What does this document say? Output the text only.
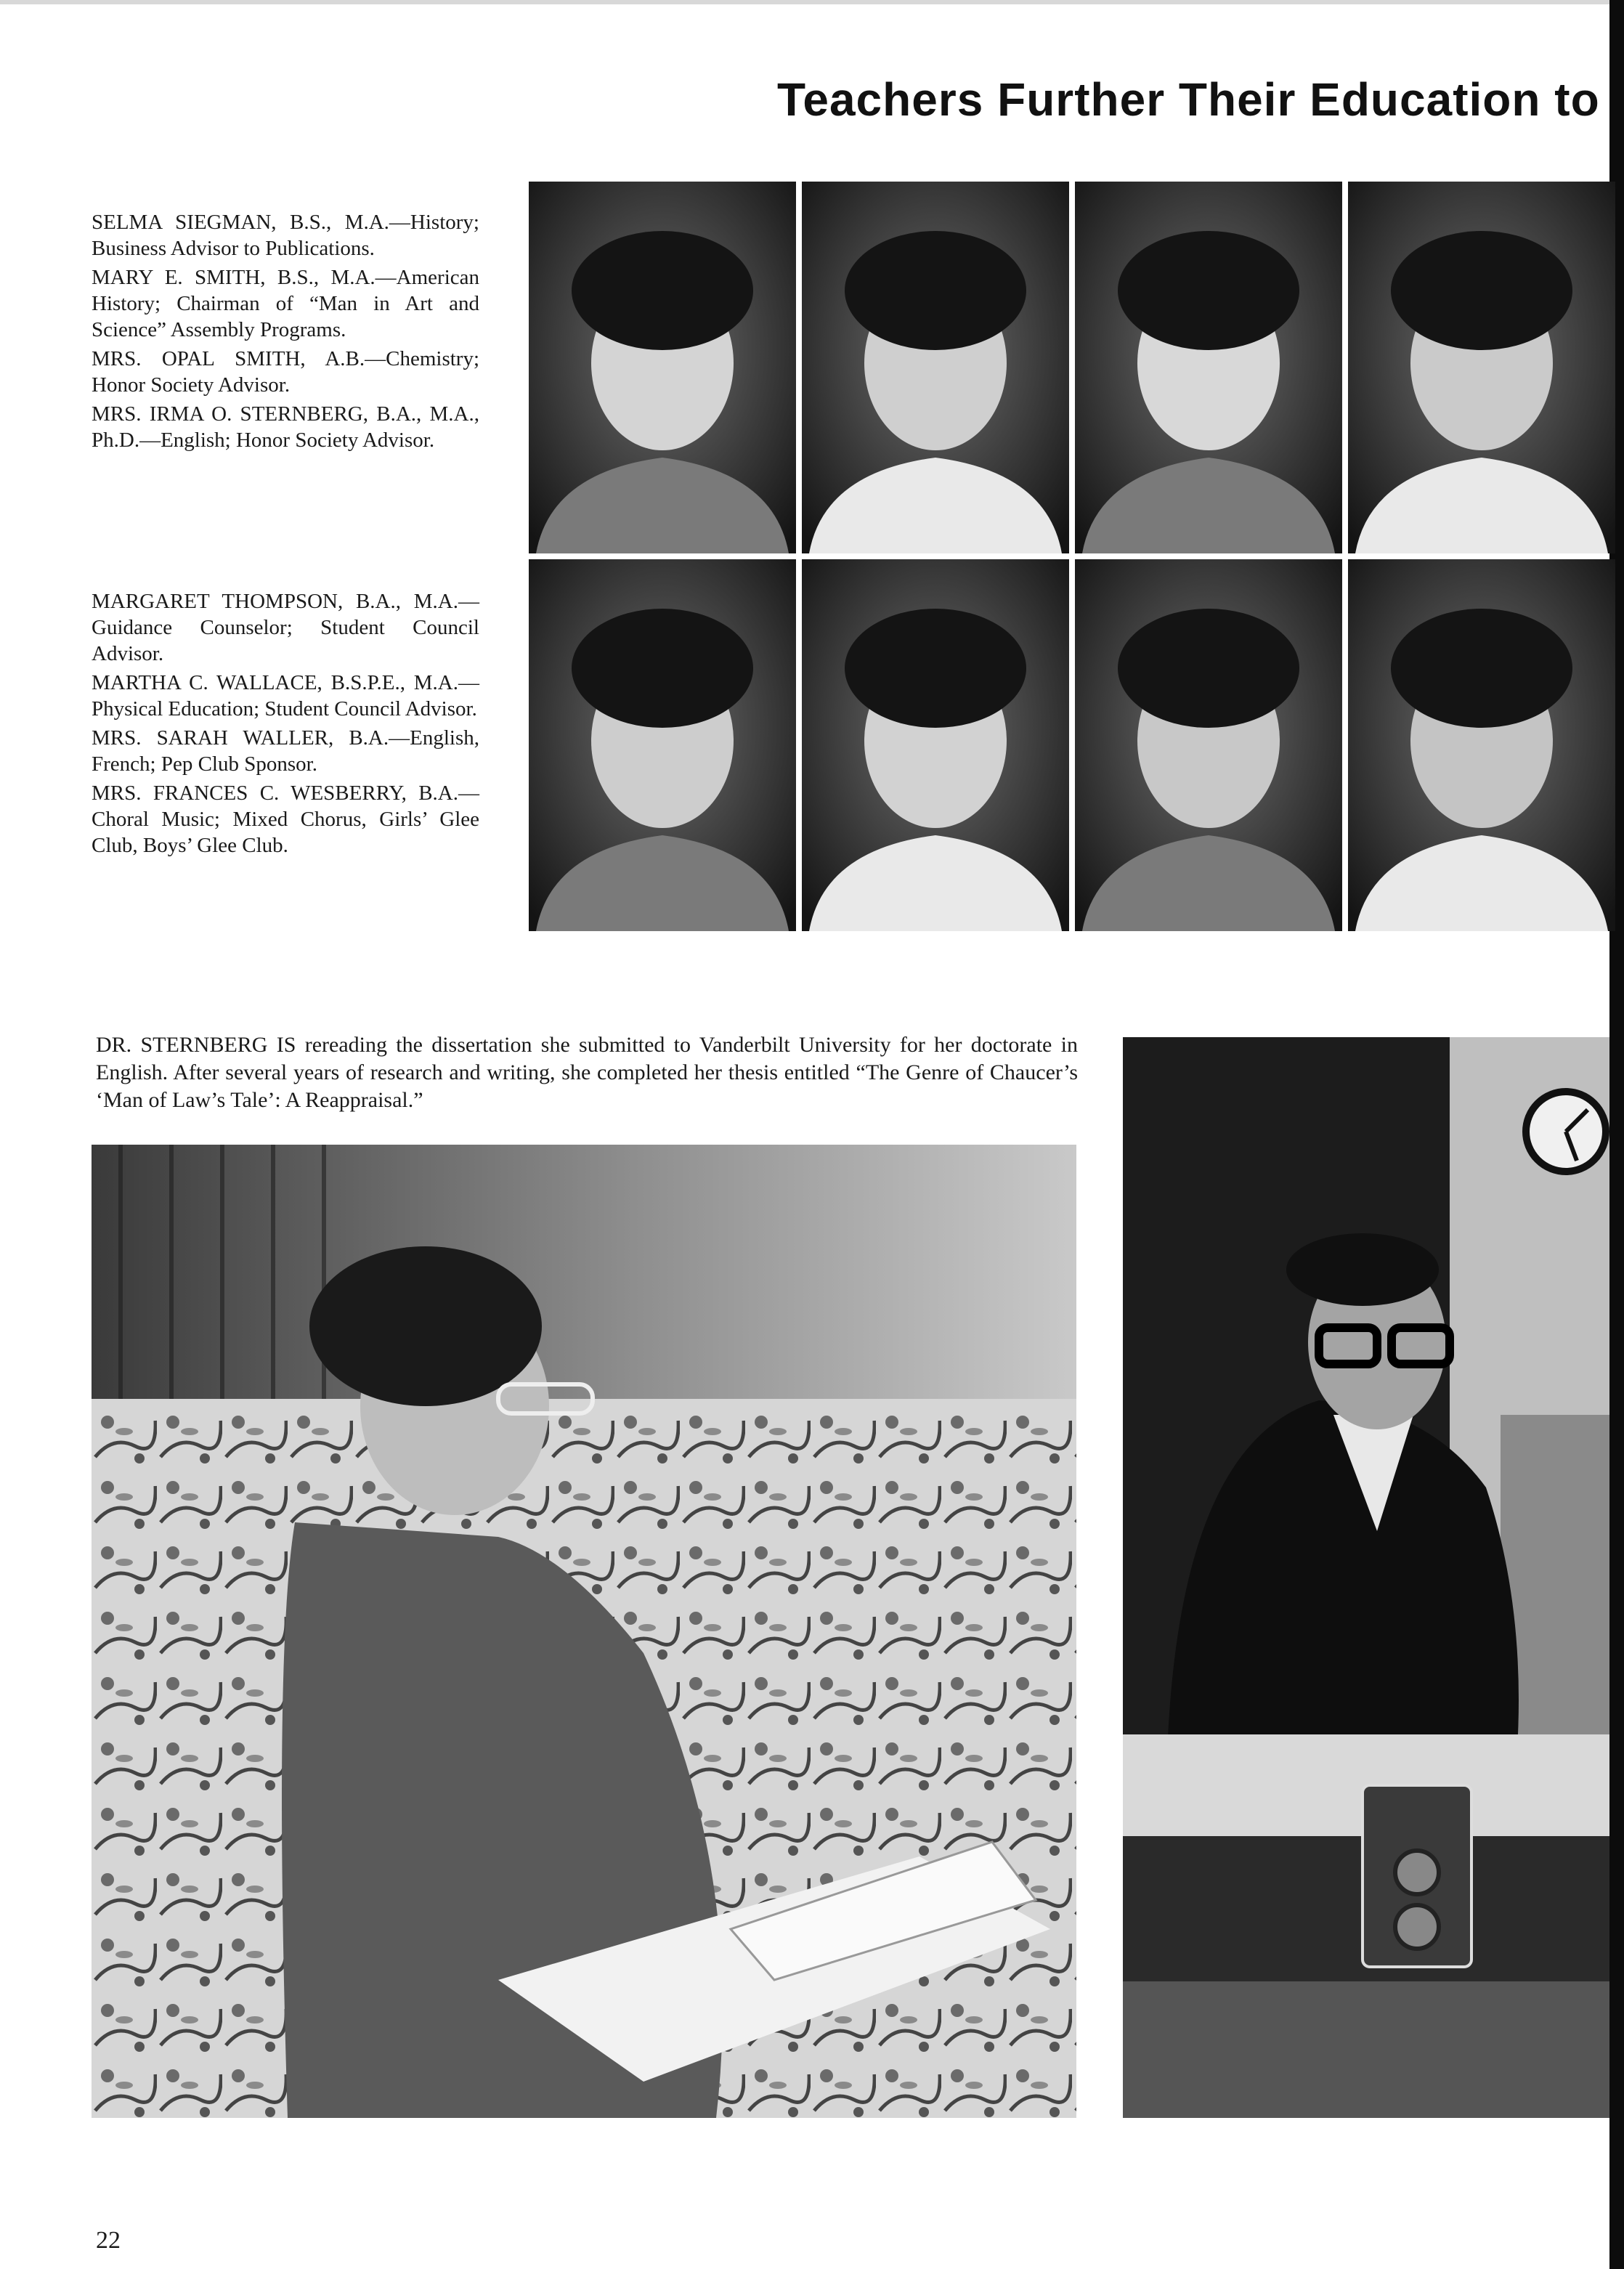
Teachers Further Their Education to

SELMA SIEGMAN, B.S., M.A.—History; Business Advisor to Publications.

MARY E. SMITH, B.S., M.A.—American History; Chairman of “Man in Art and Science” Assembly Programs.

MRS. OPAL SMITH, A.B.—Chemistry; Honor Society Advisor.

MRS. IRMA O. STERNBERG, B.A., M.A., Ph.D.—English; Honor Society Advisor.

MARGARET THOMPSON, B.A., M.A.—Guidance Counselor; Student Council Advisor.

MARTHA C. WALLACE, B.S.P.E., M.A.—Physical Education; Student Council Advisor.

MRS. SARAH WALLER, B.A.—English, French; Pep Club Sponsor.

MRS. FRANCES C. WESBERRY, B.A.—Choral Music; Mixed Chorus, Girls’ Glee Club, Boys’ Glee Club.

DR. STERNBERG IS rereading the dissertation she submitted to Vanderbilt University for her doctorate in English. After several years of research and writing, she completed her thesis entitled “The Genre of Chaucer’s ‘Man of Law’s Tale’: A Reappraisal.”
22
